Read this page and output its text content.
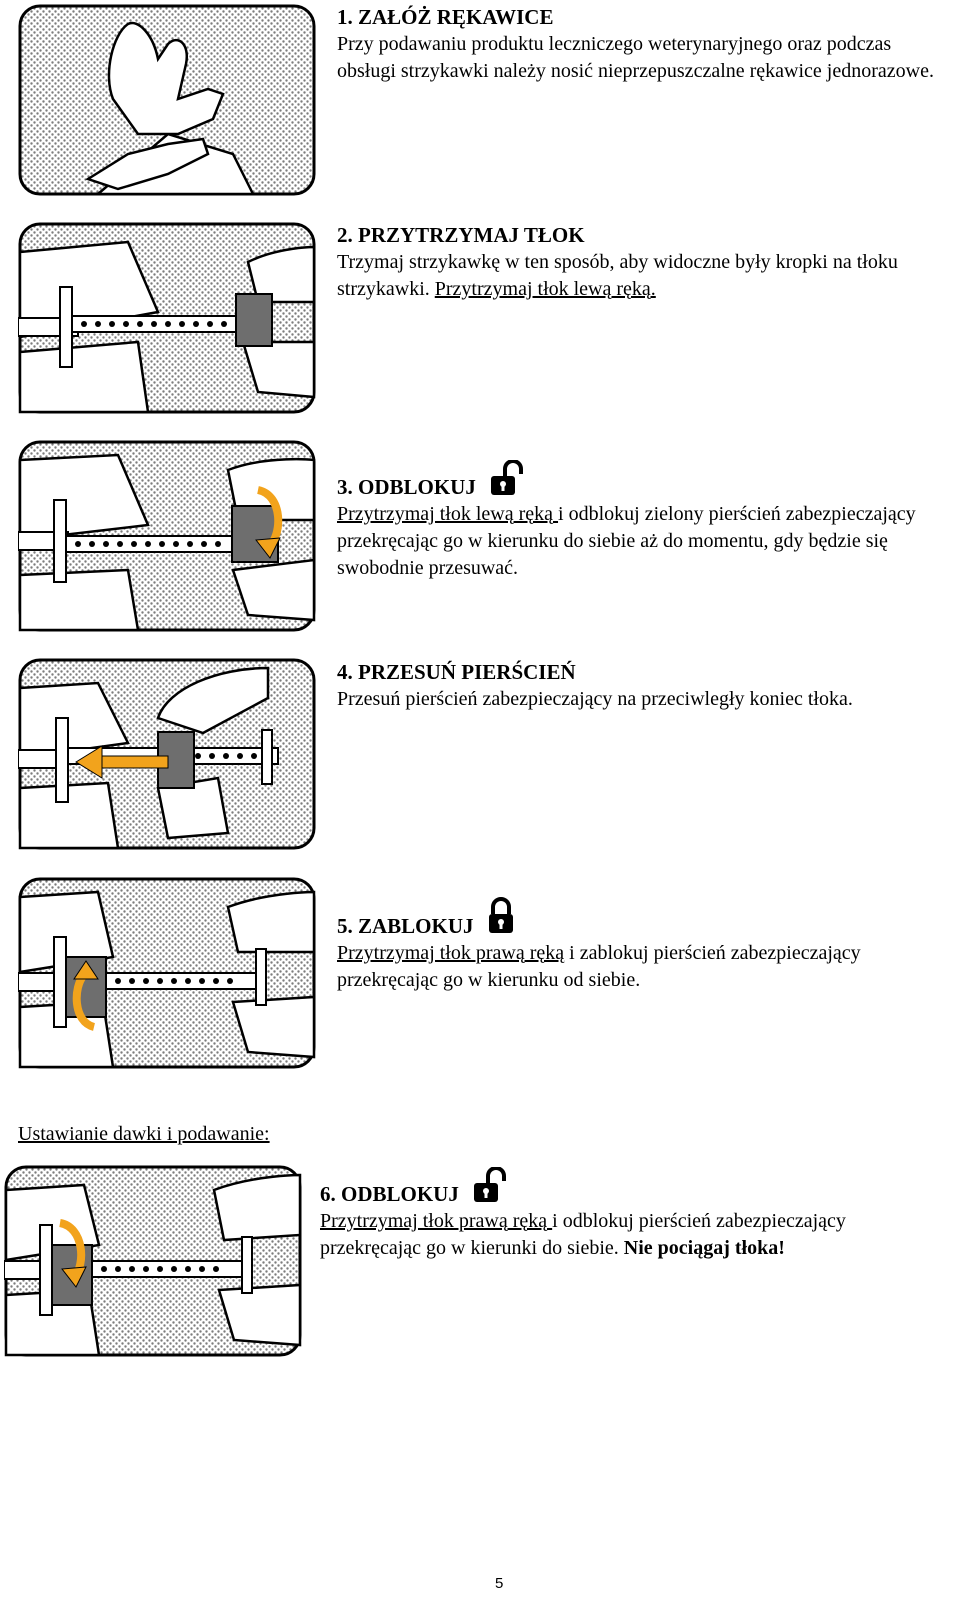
1. ZAŁÓŻ RĘKAWICE
Przy podawaniu produktu leczniczego weterynaryjnego oraz podczas obsługi strzykawki należy nosić nieprzepuszczalne rękawice jednorazowe.
2. PRZYTRZYMAJ TŁOK
Trzymaj strzykawkę w ten sposób, aby widoczne były kropki na tłoku strzykawki. Przytrzymaj tłok lewą ręką.
3. ODBLOKUJ
Przytrzymaj tłok lewą ręką i odblokuj zielony pierścień zabezpieczający przekręcając go w kierunku do siebie aż do momentu, gdy będzie się swobodnie przesuwać.
4. PRZESUŃ PIERŚCIEŃ
Przesuń pierścień zabezpieczający na przeciwległy koniec tłoka.
5. ZABLOKUJ
Przytrzymaj tłok prawą ręką i zablokuj pierścień zabezpieczający przekręcając go w kierunku od siebie.
Ustawianie dawki i podawanie:
6. ODBLOKUJ
Przytrzymaj tłok prawą ręką i odblokuj pierścień zabezpieczający przekręcając go w kierunki do siebie. Nie pociągaj tłoka!
5
